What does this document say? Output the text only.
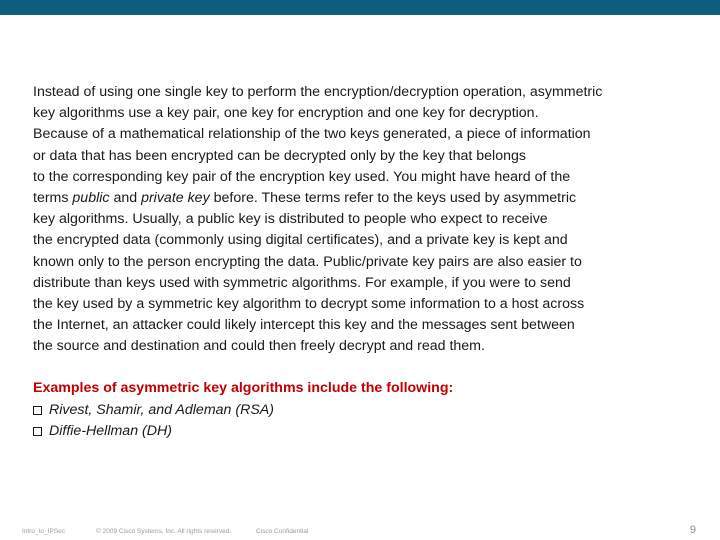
Instead of using one single key to perform the encryption/decryption operation, asymmetric
key algorithms use a key pair, one key for encryption and one key for decryption.
Because of a mathematical relationship of the two keys generated, a piece of information
or data that has been encrypted can be decrypted only by the key that belongs
to the corresponding key pair of the encryption key used. You might have heard of the
terms public and private key before. These terms refer to the keys used by asymmetric
key algorithms. Usually, a public key is distributed to people who expect to receive
the encrypted data (commonly using digital certificates), and a private key is kept and
known only to the person encrypting the data. Public/private key pairs are also easier to
distribute than keys used with symmetric algorithms. For example, if you were to send
the key used by a symmetric key algorithm to decrypt some information to a host across
the Internet, an attacker could likely intercept this key and the messages sent between
the source and destination and could then freely decrypt and read them.
Examples of asymmetric key algorithms include the following:
Rivest, Shamir, and Adleman (RSA)
Diffie-Hellman (DH)
Intro_to_IPSec	© 2009 Cisco Systems, Inc. All rights reserved.	Cisco Confidential	9
